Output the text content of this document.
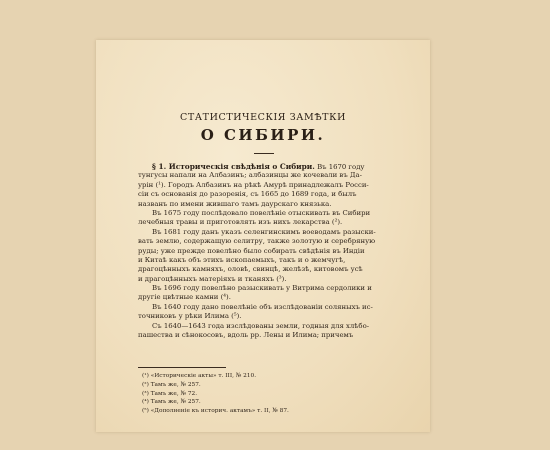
СТАТИСТИЧЕСКІЯ ЗАМѢТКИ
О СИБИРИ.
§ 1. Историческія свѣдѣнія о Сибири. Въ 1670 году
тунгусы напали на Албазинъ; албазинцы же кочевали въ Да-
урін (¹). Городъ Албазинъ на рѣкѣ Амурѣ принадлежалъ Росси-
сіи съ основанія до разоренія, съ 1665 до 1689 года, и былъ
названъ по имени жившаго тамъ даурскаго князька.
Въ 1675 году послѣдовало повелѣніе отыскивать въ Сибири
лечебныя травы и приготовлять изъ нихъ лекарства (²).
Въ 1681 году данъ указъ селенгинскимъ воеводамъ разыски-
вать землю, содержащую селитру, также золотую и серебряную
руды; уже прежде повелѣно было собирать свѣдѣнія въ Индіи
и Китаѣ какъ объ этихъ ископаемыхъ, такъ и о жемчугѣ,
драгоцѣнныхъ камняхъ, оловѣ, свинцѣ, желѣзѣ, китовомъ усѣ
и драгоцѣнныхъ матеріяхъ и тканяхъ (³).
Въ 1696 году повелѣно разыскивать у Витрима сердолики и
другіе цвѣтные камни (⁴).
Въ 1640 году дано повелѣніе объ изслѣдованіи соляныхъ ис-
точниковъ у рѣки Илима (⁵).
Съ 1640—1643 года изслѣдованы земли, годныя для хлѣбо-
пашества и сѣнокосовъ, вдоль рр. Лены и Илима; причемъ
(¹) «Историческіе акты» т. III, № 210.
(²) Тамъ же, № 257.
(³) Тамъ же, № 72.
(⁴) Тамъ же, № 257.
(⁵) «Дополненіе къ историч. актамъ» т. II, № 87.
